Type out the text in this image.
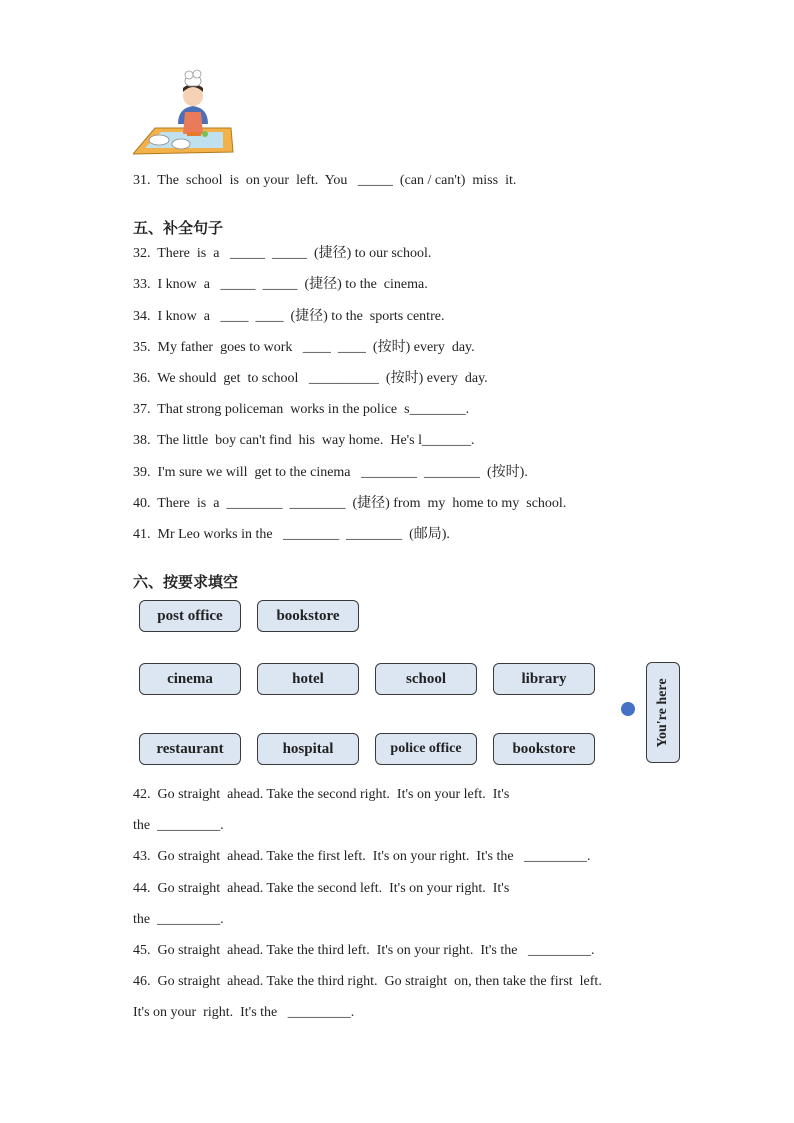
31.  The  school  is  on your  left.  You   _____  (can / can't)  miss  it.
五、补全句子
32.  There  is  a   _____  _____  (捷径) to our school.
33.  I know  a   _____  _____  (捷径) to the  cinema.
34.  I know  a   ____  ____  (捷径) to the  sports centre.
35.  My father  goes to work   ____  ____  (按时) every  day.
36.  We should  get  to school   __________  (按时) every  day.
37.  That strong policeman  works in the police  s________.
38.  The little  boy can't find  his  way home.  He's l_______.
39.  I'm sure we will  get to the cinema   ________  ________  (按时).
40.  There  is  a  ________  ________  (捷径) from  my  home to my  school.
41.  Mr Leo works in the   ________  ________  (邮局).
六、按要求填空
post office	bookstore
cinema	hotel	school	library
restaurant	hospital	police office	bookstore
You're here
42.  Go straight  ahead. Take the second right.  It's on your left.  It's
the  _________.
43.  Go straight  ahead. Take the first left.  It's on your right.  It's the   _________.
44.  Go straight  ahead. Take the second left.  It's on your right.  It's
the  _________.
45.  Go straight  ahead. Take the third left.  It's on your right.  It's the   _________.
46.  Go straight  ahead. Take the third right.  Go straight  on, then take the first  left.
It's on your  right.  It's the   _________.
